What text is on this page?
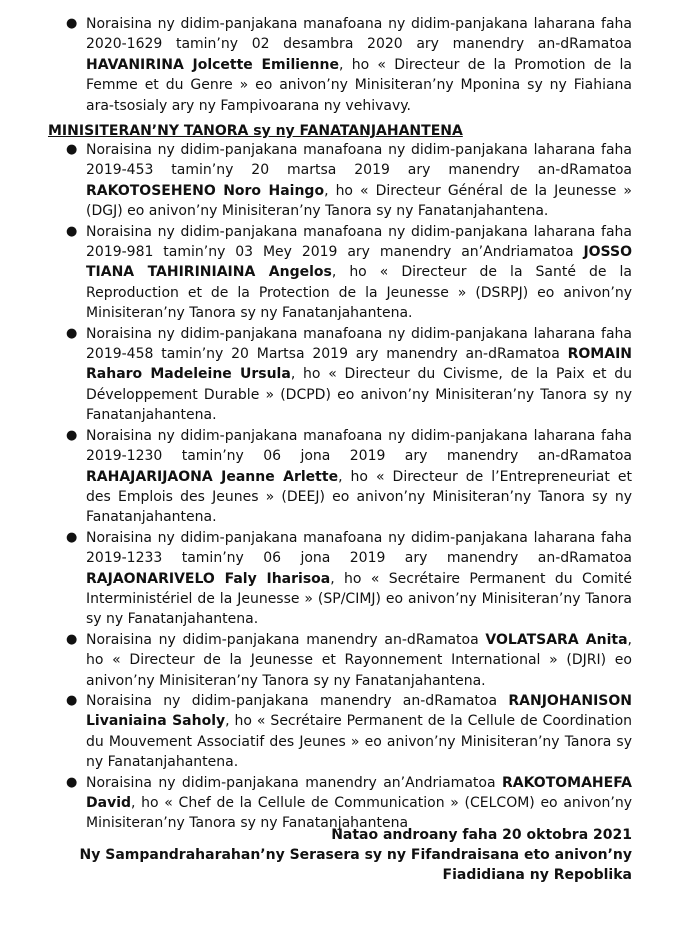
● Noraisina ny didim-panjakana manafoana ny didim-panjakana laharana faha 2020-1629 tamin’ny 02 desambra 2020 ary manendry an-dRamatoa HAVANIRINA Jolcette Emilienne, ho « Directeur de la Promotion de la Femme et du Genre » eo anivon’ny Minisiteran’ny Mponina sy ny Fiahiana ara-tsosialy ary ny Fampivoarana ny vehivavy.
MINISITERAN’NY TANORA sy ny FANATANJAHANTENA
● Noraisina ny didim-panjakana manafoana ny didim-panjakana laharana faha 2019-453 tamin’ny 20 martsa 2019 ary manendry an-dRamatoa RAKOTOSEHENO Noro Haingo, ho « Directeur Général de la Jeunesse » (DGJ) eo anivon’ny Minisiteran’ny Tanora sy ny Fanatanjahantena.
● Noraisina ny didim-panjakana manafoana ny didim-panjakana laharana faha 2019-981 tamin’ny 03 Mey 2019 ary manendry an’Andriamatoa JOSSO TIANA TAHIRINIAINA Angelos, ho « Directeur de la Santé de la Reproduction et de la Protection de la Jeunesse » (DSRPJ) eo anivon’ny Minisiteran’ny Tanora sy ny Fanatanjahantena.
● Noraisina ny didim-panjakana manafoana ny didim-panjakana laharana faha 2019-458 tamin’ny 20 Martsa 2019 ary manendry an-dRamatoa ROMAIN Raharo Madeleine Ursula, ho « Directeur du Civisme, de la Paix et du Développement Durable » (DCPD) eo anivon’ny Minisiteran’ny Tanora sy ny Fanatanjahantena.
● Noraisina ny didim-panjakana manafoana ny didim-panjakana laharana faha 2019-1230 tamin’ny 06 jona 2019 ary manendry an-dRamatoa RAHAJARIJAONA Jeanne Arlette, ho « Directeur de l’Entrepreneuriat et des Emplois des Jeunes » (DEEJ) eo anivon’ny Minisiteran’ny Tanora sy ny Fanatanjahantena.
● Noraisina ny didim-panjakana manafoana ny didim-panjakana laharana faha 2019-1233 tamin’ny 06 jona 2019 ary manendry an-dRamatoa RAJAONARIVELO Faly Iharisoa, ho « Secrétaire Permanent du Comité Interministériel de la Jeunesse » (SP/CIMJ) eo anivon’ny Minisiteran’ny Tanora sy ny Fanatanjahantena.
● Noraisina ny didim-panjakana manendry an-dRamatoa VOLATSARA Anita, ho « Directeur de la Jeunesse et Rayonnement International » (DJRI) eo anivon’ny Minisiteran’ny Tanora sy ny Fanatanjahantena.
● Noraisina ny didim-panjakana manendry an-dRamatoa RANJOHANISON Livaniaina Saholy, ho « Secrétaire Permanent de la Cellule de Coordination du Mouvement Associatif des Jeunes » eo anivon’ny Minisiteran’ny Tanora sy ny Fanatanjahantena.
● Noraisina ny didim-panjakana manendry an’Andriamatoa RAKOTOMAHEFA David, ho « Chef de la Cellule de Communication » (CELCOM) eo anivon’ny Minisiteran’ny Tanora sy ny Fanatanjahantena
Natao androany faha 20 oktobra 2021
Ny Sampandraharahan’ny Serasera sy ny Fifandraisana eto anivon’ny
Fiadidiana ny Repoblika
